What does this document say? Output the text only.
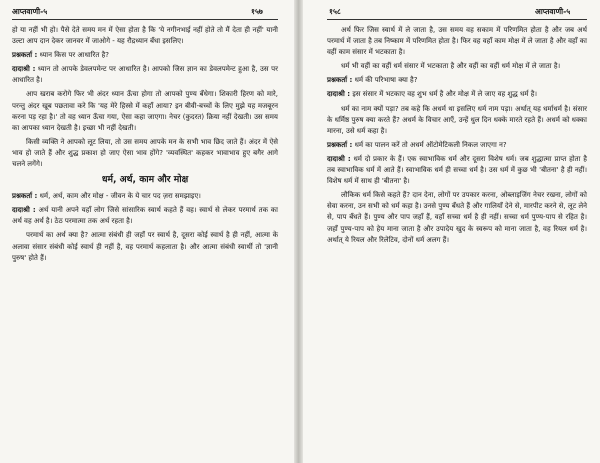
आप्तवाणी-५	१५७

हो या नहीं भी हो। पैसे देते समय मन में ऐसा होता है कि 'ये नगीनभाई नहीं होते तो मैं देता ही नहीं' यानी उल्टा आप दान देकर जानवर में जाओगे - यह रौद्रध्यान बँधा इसलिए।

प्रश्नकर्ता : ध्यान किस पर आधारित है?

दादाश्री : ध्यान तो आपके डेवलपमेन्ट पर आधारित है। आपको जिस ज्ञान का डेवलपमेन्ट हुआ है, उस पर आधारित है।

आप खराब करोगे फिर भी अंदर ध्यान ऊँचा होगा तो आपको पुण्य बँधेगा। शिकारी हिरण को मारे, परन्तु अंदर खूब पछतावा करे कि 'यह मेरे हिस्से में कहाँ आया? इन बीवी-बच्चों के लिए मुझे यह मजबूरन करना पड़ रहा है।' तो वह ध्यान ऊँचा गया, ऐसा कहा जाएगा। नेचर (कुदरत) क्रिया नहीं देखती। उस समय का आपका ध्यान देखती है। इच्छा भी नहीं देखती।

किसी व्यक्ति ने आपको लूट लिया, तो उस समय आपके मन के सभी भाव छिद जाते हैं। अंदर में ऐसे भाव हो जाते हैं और शुद्ध प्रकाश हो जाए ऐसा भाव होंगे? 'व्यवस्थित' कहकर भावाभाव हुए बगैर आगे चलने लगेंगे।

धर्म, अर्थ, काम और मोक्ष

प्रश्नकर्ता : धर्म, अर्थ, काम और मोक्ष - जीवन के ये चार पद ज़रा समझाइए।

दादाश्री : अर्थ यानी अपने यहाँ लोग जिसे सांसारिक स्वार्थ कहते हैं वह। स्वार्थ से लेकर परमार्थ तक का अर्थ वह अर्थ है। ठेठ परमात्मा तक अर्थ रहता है।

परमार्थ का अर्थ क्या है? आत्मा संबंधी ही जहाँ पर स्वार्थ है, दूसरा कोई स्वार्थ है ही नहीं, आत्मा के अलावा संसार संबंधी कोई स्वार्थ ही नहीं है, वह परमार्थ कहलाता है। और आत्मा संबंधी स्वार्थी तो 'ज्ञानी पुरुष' होते हैं।

१५८	आप्तवाणी-५

अर्थ फिर जिस स्वार्थ में ले जाता है, उस समय वह सकाम में परिणमित होता है और जब अर्थ परमार्थ में जाता है तब निष्काम में परिणमित होता है। फिर वह वहाँ काम मोक्ष में ले जाता है और वहाँ का वहीं काम संसार में भटकाता है।

धर्म भी वहीं का वहीं धर्म संसार में भटकाता है और वहीं का वहीं धर्म मोक्ष में ले जाता है।

प्रश्नकर्ता : धर्म की परिभाषा क्या है?

दादाश्री : इस संसार में भटकाए वह शुभ धर्म है और मोक्ष में ले जाए वह शुद्ध धर्म है।

धर्म का नाम क्यों पड़ा? तब कहे कि अधर्म था इसलिए धर्म नाम पड़ा। अर्थात् यह धर्माधर्म है। संसार के धर्मिष्ठ पुरुष क्या करते हैं? अधर्म के विचार आएँ, उन्हें धुल दिन धक्के मारते रहते हैं। अधर्म को धक्का मारना, उसे धर्म कहा है।

प्रश्नकर्ता : धर्म का पालन करें तो अधर्म ऑटोमेटिकली निकल जाएगा न?

दादाश्री : धर्म दो प्रकार के हैं। एक स्वाभाविक धर्म और दूसरा विशेष धर्म। जब शुद्धात्मा प्राप्त होता है तब स्वाभाविक धर्म में आते हैं। स्वाभाविक धर्म ही सच्चा धर्म है। उस धर्म में कुछ भी 'बीतना' है ही नहीं। विशेष धर्म में साथ ही 'बीतना' है।

लौकिक धर्म किसे कहते हैं? दान देना, लोगों पर उपकार करना, ओब्लाइजिंग नेचर रखना, लोगों को सेवा करना, उन सभी को धर्म कहा है। उनसे पुण्य बँधते हैं और गालियाँ देने से, मारपीट करने से, लूट लेने से, पाप बँधते हैं। पुण्य और पाप जहाँ हैं, वहाँ सच्चा धर्म है ही नहीं। सच्चा धर्म पुण्य-पाप से रहित है। जहाँ पुण्य-पाप को हेय माना जाता है और उपादेय खुद के स्वरूप को माना जाता है, वह रियल धर्म है। अर्थात् ये रियल और रिलेटिव, दोनों धर्म अलग हैं।
